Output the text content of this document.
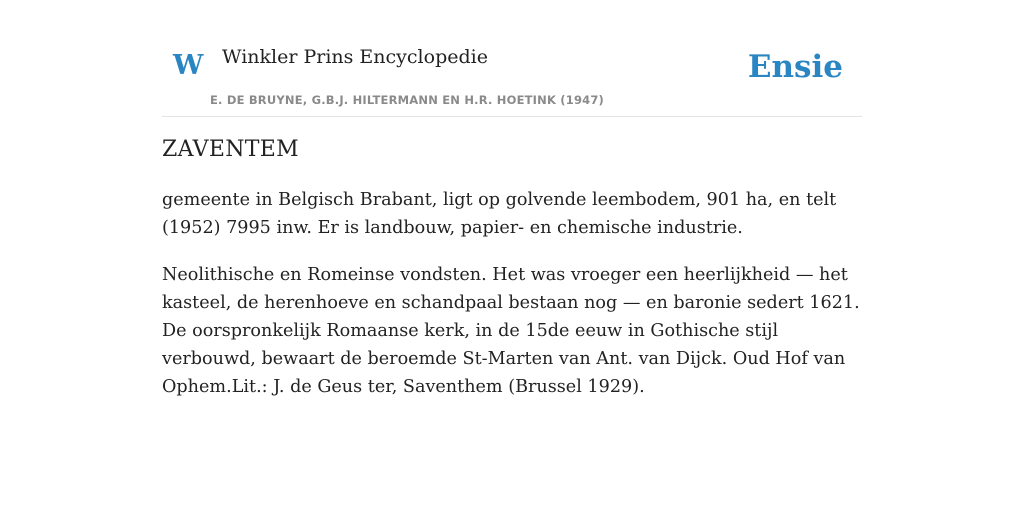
W Winkler Prins Encyclopedie
E. DE BRUYNE, G.B.J. HILTERMANN EN H.R. HOETINK (1947)
Ensie
ZAVENTEM

gemeente in Belgisch Brabant, ligt op golvende leembodem, 901 ha, en telt (1952) 7995 inw. Er is landbouw, papier- en chemische industrie.

Neolithische en Romeinse vondsten. Het was vroeger een heerlijkheid — het kasteel, de herenhoeve en schandpaal bestaan nog — en baronie sedert 1621. De oorspronkelijk Romaanse kerk, in de 15de eeuw in Gothische stijl verbouwd, bewaart de beroemde St-Marten van Ant. van Dijck. Oud Hof van Ophem.Lit.: J. de Geus ter, Saventhem (Brussel 1929).
